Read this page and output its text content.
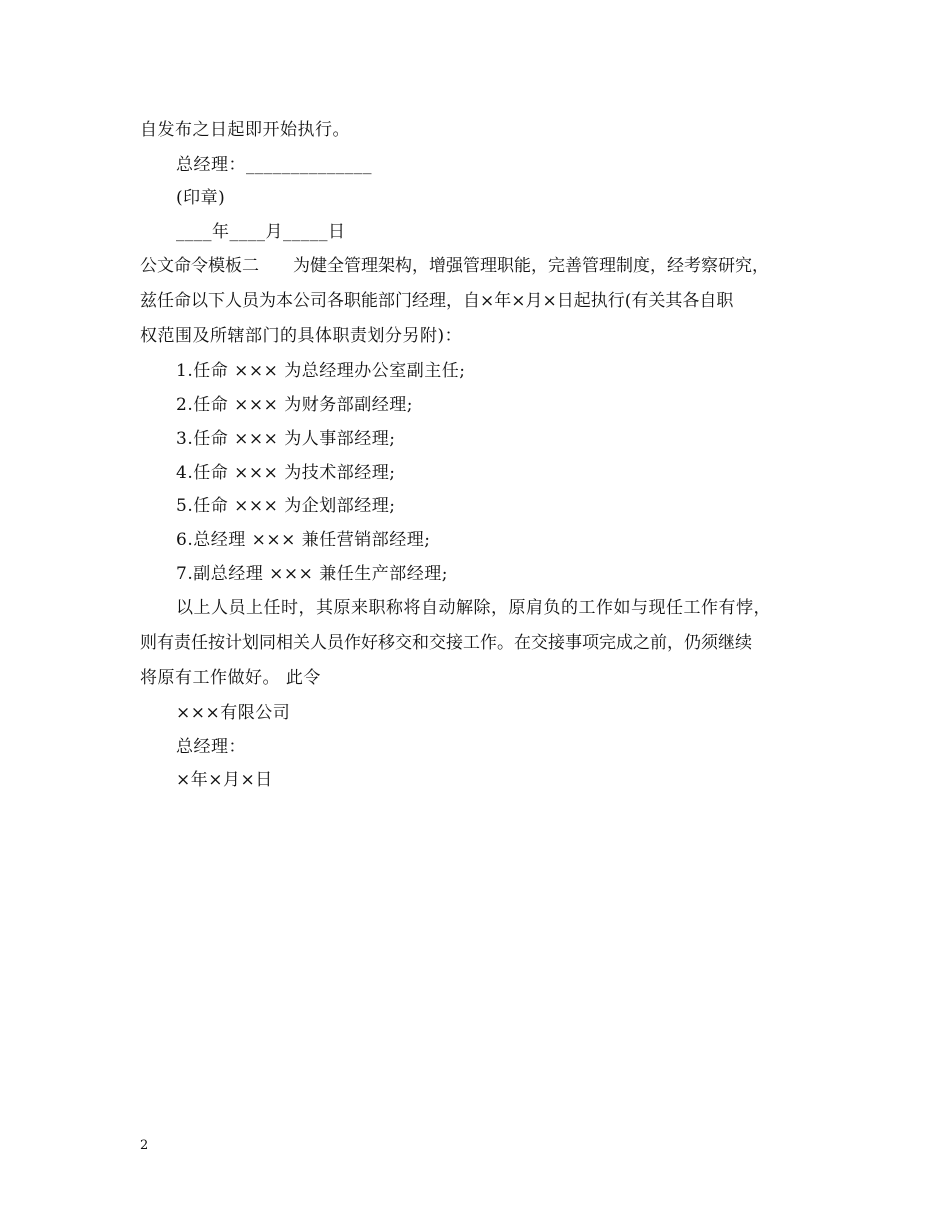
自发布之日起即开始执行。
总经理：______________
(印章)
____年____月_____日
公文命令模板二　　为健全管理架构，增强管理职能，完善管理制度，经考察研究，
兹任命以下人员为本公司各职能部门经理，自×年×月×日起执行(有关其各自职
权范围及所辖部门的具体职责划分另附)：
1.任命 ××× 为总经理办公室副主任;
2.任命 ××× 为财务部副经理;
3.任命 ××× 为人事部经理;
4.任命 ××× 为技术部经理;
5.任命 ××× 为企划部经理;
6.总经理 ××× 兼任营销部经理;
7.副总经理 ××× 兼任生产部经理;
以上人员上任时，其原来职称将自动解除，原肩负的工作如与现任工作有悖，
则有责任按计划同相关人员作好移交和交接工作。在交接事项完成之前，仍须继续
将原有工作做好。 此令
×××有限公司
总经理：
×年×月×日
2
